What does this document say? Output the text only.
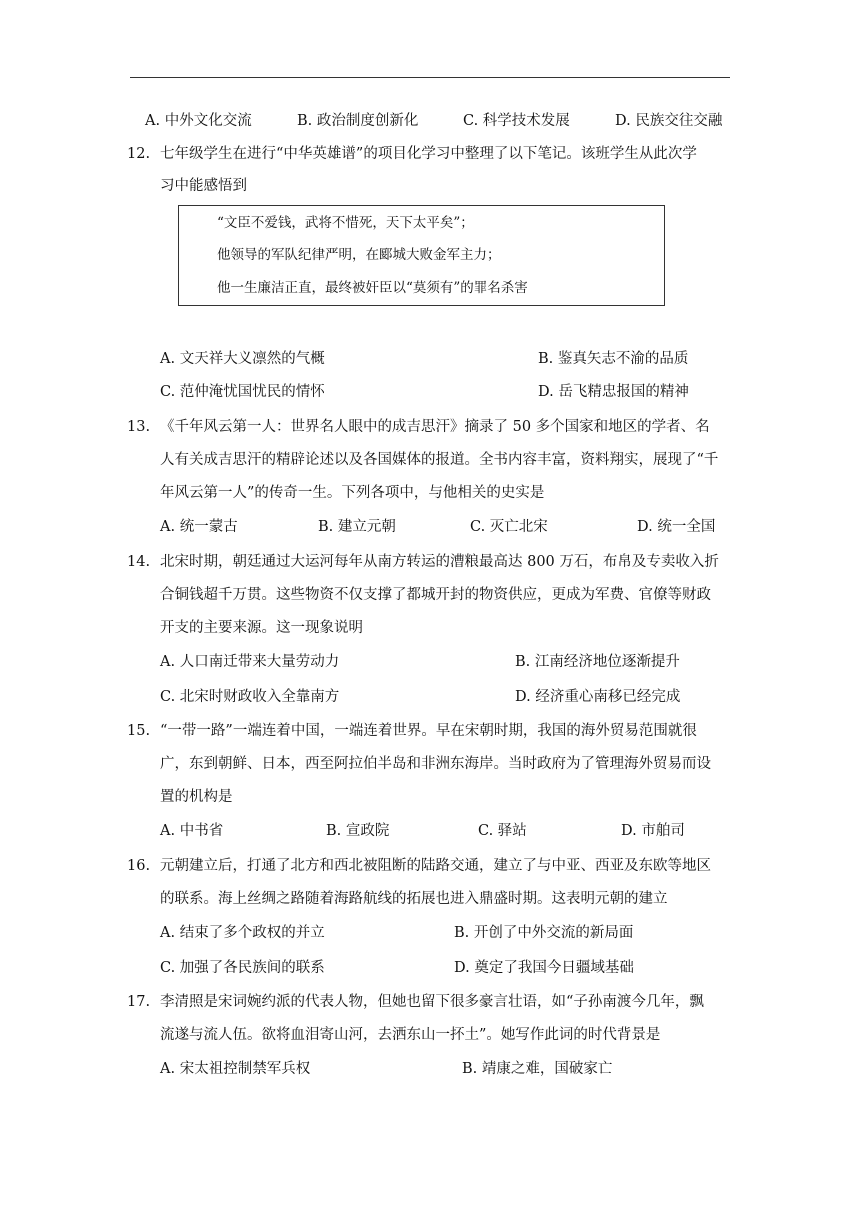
A. 中外文化交流	B. 政治制度创新化	C. 科学技术发展	D. 民族交往交融
12. 七年级学生在进行“中华英雄谱”的项目化学习中整理了以下笔记。该班学生从此次学
习中能感悟到
“文臣不爱钱，武将不惜死，天下太平矣”；
他领导的军队纪律严明，在郾城大败金军主力；
他一生廉洁正直，最终被奸臣以“莫须有”的罪名杀害
A. 文天祥大义凛然的气概	B. 鉴真矢志不渝的品质
C. 范仲淹忧国忧民的情怀	D. 岳飞精忠报国的精神
13. 《千年风云第一人：世界名人眼中的成吉思汗》摘录了 50 多个国家和地区的学者、名
人有关成吉思汗的精辟论述以及各国媒体的报道。全书内容丰富，资料翔实，展现了“千
年风云第一人”的传奇一生。下列各项中，与他相关的史实是
A. 统一蒙古	B. 建立元朝	C. 灭亡北宋	D. 统一全国
14. 北宋时期，朝廷通过大运河每年从南方转运的漕粮最高达 800 万石，布帛及专卖收入折
合铜钱超千万贯。这些物资不仅支撑了都城开封的物资供应，更成为军费、官僚等财政
开支的主要来源。这一现象说明
A. 人口南迁带来大量劳动力	B. 江南经济地位逐渐提升
C. 北宋时财政收入全靠南方	D. 经济重心南移已经完成
15. “一带一路”一端连着中国，一端连着世界。早在宋朝时期，我国的海外贸易范围就很
广，东到朝鲜、日本，西至阿拉伯半岛和非洲东海岸。当时政府为了管理海外贸易而设
置的机构是
A. 中书省	B. 宣政院	C. 驿站	D. 市舶司
16. 元朝建立后，打通了北方和西北被阻断的陆路交通，建立了与中亚、西亚及东欧等地区
的联系。海上丝绸之路随着海路航线的拓展也进入鼎盛时期。这表明元朝的建立
A. 结束了多个政权的并立	B. 开创了中外交流的新局面
C. 加强了各民族间的联系	D. 奠定了我国今日疆域基础
17. 李清照是宋词婉约派的代表人物，但她也留下很多豪言壮语，如“子孙南渡今几年，飘
流遂与流人伍。欲将血泪寄山河，去洒东山一抔土”。她写作此词的时代背景是
A. 宋太祖控制禁军兵权	B. 靖康之难，国破家亡
